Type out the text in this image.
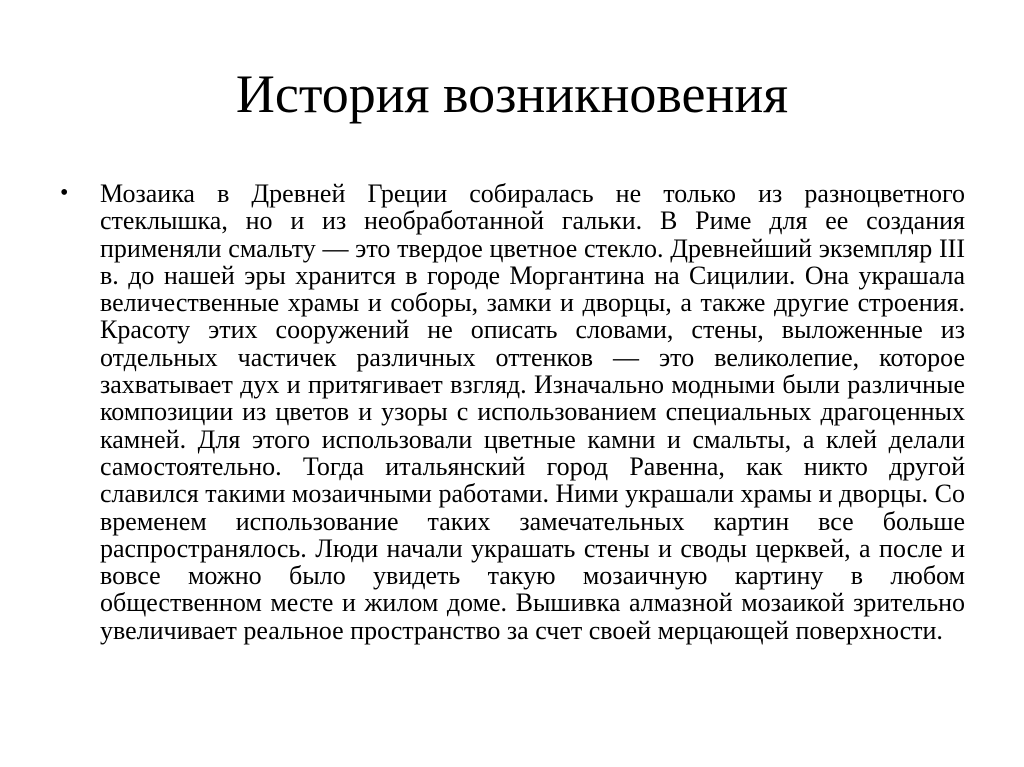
История возникновения
•	Мозаика в Древней Греции собиралась не только из разноцветного стеклышка, но и из необработанной гальки. В Риме для ее создания применяли смальту — это твердое цветное стекло. Древнейший экземпляр III в. до нашей эры хранится в городе Моргантина на Сицилии. Она украшала величественные храмы и соборы, замки и дворцы, а также другие строения. Красоту этих сооружений не описать словами, стены, выложенные из отдельных частичек различных оттенков — это великолепие, которое захватывает дух и притягивает взгляд. Изначально модными были различные композиции из цветов и узоры с использованием специальных драгоценных камней. Для этого использовали цветные камни и смальты, а клей делали самостоятельно. Тогда итальянский город Равенна, как никто другой славился такими мозаичными работами. Ними украшали храмы и дворцы. Со временем использование таких замечательных картин все больше распространялось. Люди начали украшать стены и своды церквей, а после и вовсе можно было увидеть такую мозаичную картину в любом общественном месте и жилом доме. Вышивка алмазной мозаикой зрительно увеличивает реальное пространство за счет своей мерцающей поверхности.
